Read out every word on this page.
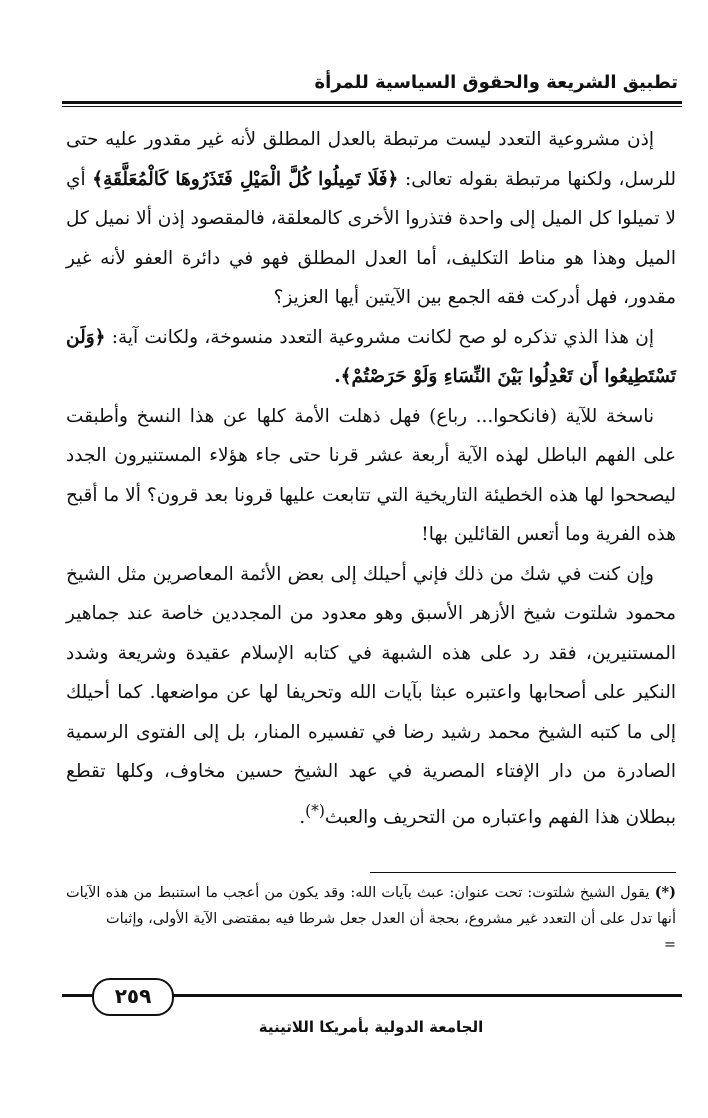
تطبيق الشريعة والحقوق السياسية للمرأة

إذن مشروعية التعدد ليست مرتبطة بالعدل المطلق لأنه غير مقدور عليه حتى للرسل، ولكنها مرتبطة بقوله تعالى: ﴿فَلَا تَمِيلُوا كُلَّ الْمَيْلِ فَتَذَرُوهَا كَالْمُعَلَّقَةِ﴾ أي لا تميلوا كل الميل إلى واحدة فتذروا الأخرى كالمعلقة، فالمقصود إذن ألا نميل كل الميل وهذا هو مناط التكليف، أما العدل المطلق فهو في دائرة العفو لأنه غير مقدور، فهل أدركت فقه الجمع بين الآيتين أيها العزيز؟

إن هذا الذي تذكره لو صح لكانت مشروعية التعدد منسوخة، ولكانت آية: ﴿وَلَن تَسْتَطِيعُوا أَن تَعْدِلُوا بَيْنَ النِّسَاءِ وَلَوْ حَرَصْتُمْ﴾.

ناسخة للآية (فانكحوا... رباع) فهل ذهلت الأمة كلها عن هذا النسخ وأطبقت على الفهم الباطل لهذه الآية أربعة عشر قرنا حتى جاء هؤلاء المستنيرون الجدد ليصححوا لها هذه الخطيئة التاريخية التي تتابعت عليها قرونا بعد قرون؟ ألا ما أقبح هذه الفرية وما أتعس القائلين بها!

وإن كنت في شك من ذلك فإني أحيلك إلى بعض الأئمة المعاصرين مثل الشيخ محمود شلتوت شيخ الأزهر الأسبق وهو معدود من المجددين خاصة عند جماهير المستنيرين، فقد رد على هذه الشبهة في كتابه الإسلام عقيدة وشريعة وشدد النكير على أصحابها واعتبره عبثا بآيات الله وتحريفا لها عن مواضعها. كما أحيلك إلى ما كتبه الشيخ محمد رشيد رضا في تفسيره المنار، بل إلى الفتوى الرسمية الصادرة من دار الإفتاء المصرية في عهد الشيخ حسين مخاوف، وكلها تقطع ببطلان هذا الفهم واعتباره من التحريف والعبث(*).

(*) يقول الشيخ شلتوت: تحت عنوان: عبث بآيات الله: وقد يكون من أعجب ما استنبط من هذه الآيات أنها تدل على أن التعدد غير مشروع، بحجة أن العدل جعل شرطا فيه بمقتضى الآية الأولى، وإثبات

=

٢٥٩
الجامعة الدولية بأمريكا اللاتينية
